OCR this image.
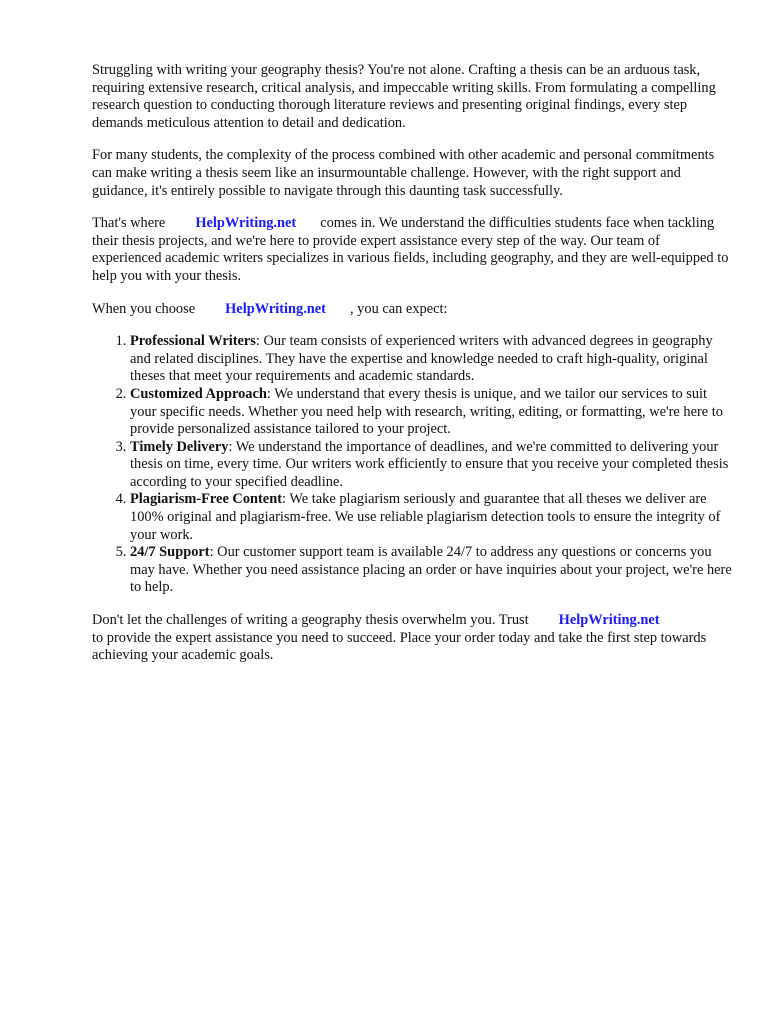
Struggling with writing your geography thesis? You're not alone. Crafting a thesis can be an arduous task, requiring extensive research, critical analysis, and impeccable writing skills. From formulating a compelling research question to conducting thorough literature reviews and presenting original findings, every step demands meticulous attention to detail and dedication.

For many students, the complexity of the process combined with other academic and personal commitments can make writing a thesis seem like an insurmountable challenge. However, with the right support and guidance, it's entirely possible to navigate through this daunting task successfully.

That's where HelpWriting.net comes in. We understand the difficulties students face when tackling their thesis projects, and we're here to provide expert assistance every step of the way. Our team of experienced academic writers specializes in various fields, including geography, and they are well-equipped to help you with your thesis.

When you choose HelpWriting.net , you can expect:

1. Professional Writers: Our team consists of experienced writers with advanced degrees in geography and related disciplines. They have the expertise and knowledge needed to craft high-quality, original theses that meet your requirements and academic standards.
2. Customized Approach: We understand that every thesis is unique, and we tailor our services to suit your specific needs. Whether you need help with research, writing, editing, or formatting, we're here to provide personalized assistance tailored to your project.
3. Timely Delivery: We understand the importance of deadlines, and we're committed to delivering your thesis on time, every time. Our writers work efficiently to ensure that you receive your completed thesis according to your specified deadline.
4. Plagiarism-Free Content: We take plagiarism seriously and guarantee that all theses we deliver are 100% original and plagiarism-free. We use reliable plagiarism detection tools to ensure the integrity of your work.
5. 24/7 Support: Our customer support team is available 24/7 to address any questions or concerns you may have. Whether you need assistance placing an order or have inquiries about your project, we're here to help.

Don't let the challenges of writing a geography thesis overwhelm you. Trust HelpWriting.net
to provide the expert assistance you need to succeed. Place your order today and take the first step towards achieving your academic goals.
